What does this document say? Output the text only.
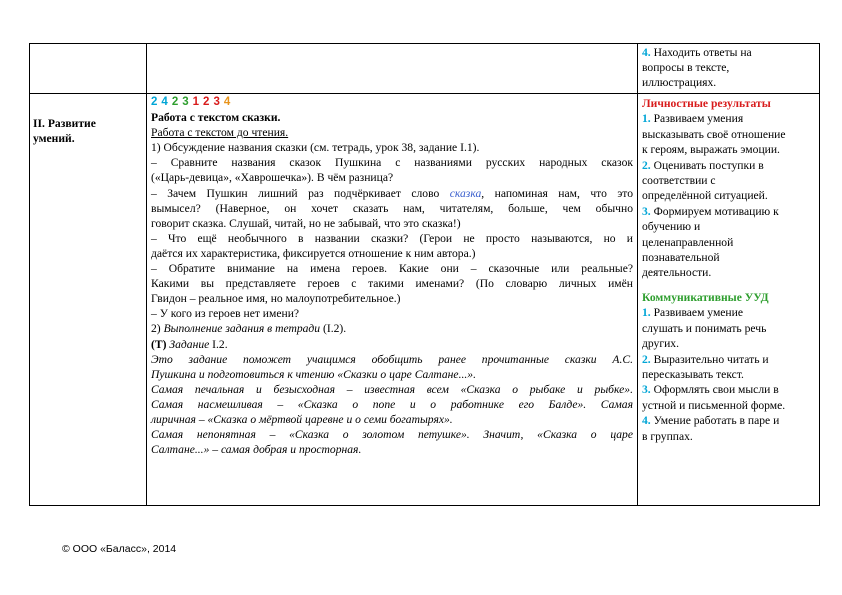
4. Находить ответы на

вопросы в тексте,

иллюстрациях.

II. Развитие

умений.

2 4 2 3 1 2 3 4

Работа с текстом сказки.

Работа с текстом до чтения.

1) Обсуждение названия сказки (см. тетрадь, урок 38, задание I.1).

– Сравните названия сказок Пушкина с названиями русских народных сказок

(«Царь-девица», «Хаврошечка»). В чём разница?

– Зачем Пушкин лишний раз подчёркивает слово сказка, напоминая нам, что это

вымысел? (Наверное, он хочет сказать нам, читателям, больше, чем обычно

говорит сказка. Слушай, читай, но не забывай, что это сказка!)

– Что ещё необычного в названии сказки? (Герои не просто называются, но и

даётся их характеристика, фиксируется отношение к ним автора.)

– Обратите внимание на имена героев. Какие они – сказочные или реальные?

Какими вы представляете героев с такими именами? (По словарю личных имён

Гвидон – реальное имя, но малоупотребительное.)

– У кого из героев нет имени?

2) Выполнение задания в тетради (I.2).

(Т) Задание I.2.

Это задание поможет учащимся обобщить ранее прочитанные сказки А.С.

Пушкина и подготовиться к чтению «Сказки о царе Салтане...».

Самая печальная и безысходная – известная всем «Сказка о рыбаке и рыбке».

Самая насмешливая – «Сказка о попе и о работнике его Балде». Самая

лиричная – «Сказка о мёртвой царевне и о семи богатырях».

Самая непонятная – «Сказка о золотом петушке». Значит, «Сказка о царе

Салтане...» – самая добрая и просторная.

Личностные результаты

1. Развиваем умения

высказывать своё отношение

к героям, выражать эмоции.

2. Оценивать поступки в

соответствии с

определённой ситуацией.

3. Формируем мотивацию к

обучению и

целенаправленной

познавательной

деятельности.

Коммуникативные УУД

1. Развиваем умение

слушать и понимать речь

других.

2. Выразительно читать и

пересказывать текст.

3. Оформлять свои мысли в

устной и письменной форме.

4. Умение работать в паре и

в группах.

© ООО «Баласс», 2014
